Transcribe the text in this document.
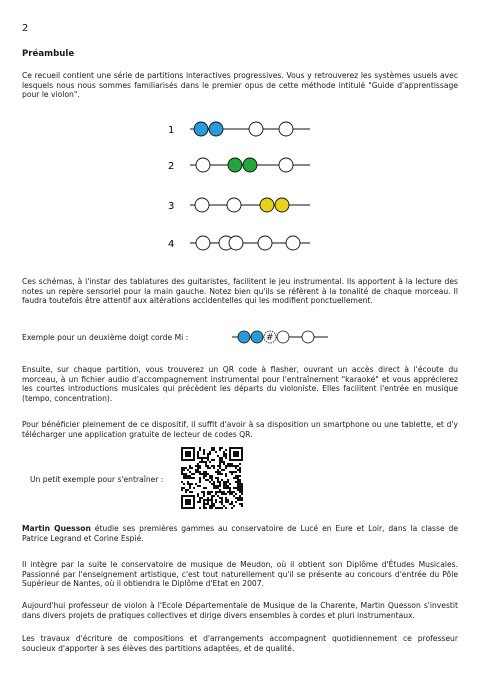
2
Préambule
Ce recueil contient une série de partitions interactives progressives. Vous y retrouverez les systèmes usuels avec lesquels nous nous sommes familiarisés dans le premier opus de cette méthode intitulé "Guide d'apprentissage pour le violon".
1
2
3
4
Ces schémas, à l'instar des tablatures des guitaristes, facilitent le jeu instrumental. Ils apportent à la lecture des notes un repère sensoriel pour la main gauche. Notez bien qu'ils se réfèrent à la tonalité de chaque morceau. Il faudra toutefois être attentif aux altérations accidentelles qui les modifient ponctuellement.
Exemple pour un deuxième doigt corde Mi :	#
Ensuite, sur chaque partition, vous trouverez un QR code à flasher, ouvrant un accès direct à l'écoute du morceau, à un fichier audio d'accompagnement instrumental pour l'entraînement "karaoké" et vous apprécierez les courtes introductions musicales qui précèdent les départs du violoniste. Elles facilitent l'entrée en musique (tempo, concentration).
Pour bénéficier pleinement de ce dispositif, il suffit d'avoir à sa disposition un smartphone ou une tablette, et d'y télécharger une application gratuite de lecteur de codes QR.
Un petit exemple pour s'entraîner :
Martin Quesson étudie ses premières gammes au conservatoire de Lucé en Eure et Loir, dans la classe de Patrice Legrand et Corine Espié.
Il intègre par la suite le conservatoire de musique de Meudon, où il obtient son Diplôme d'Études Musicales. Passionné par l'enseignement artistique, c'est tout naturellement qu'il se présente au concours d'entrée du Pôle Supérieur de Nantes, où il obtiendra le Diplôme d'Etat en 2007.
Aujourd'hui professeur de violon à l'Ecole Départementale de Musique de la Charente, Martin Quesson s'investit dans divers projets de pratiques collectives et dirige divers ensembles à cordes et pluri instrumentaux.
Les travaux d'écriture de compositions et d'arrangements accompagnent quotidiennement ce professeur soucieux d'apporter à ses élèves des partitions adaptées, et de qualité.
